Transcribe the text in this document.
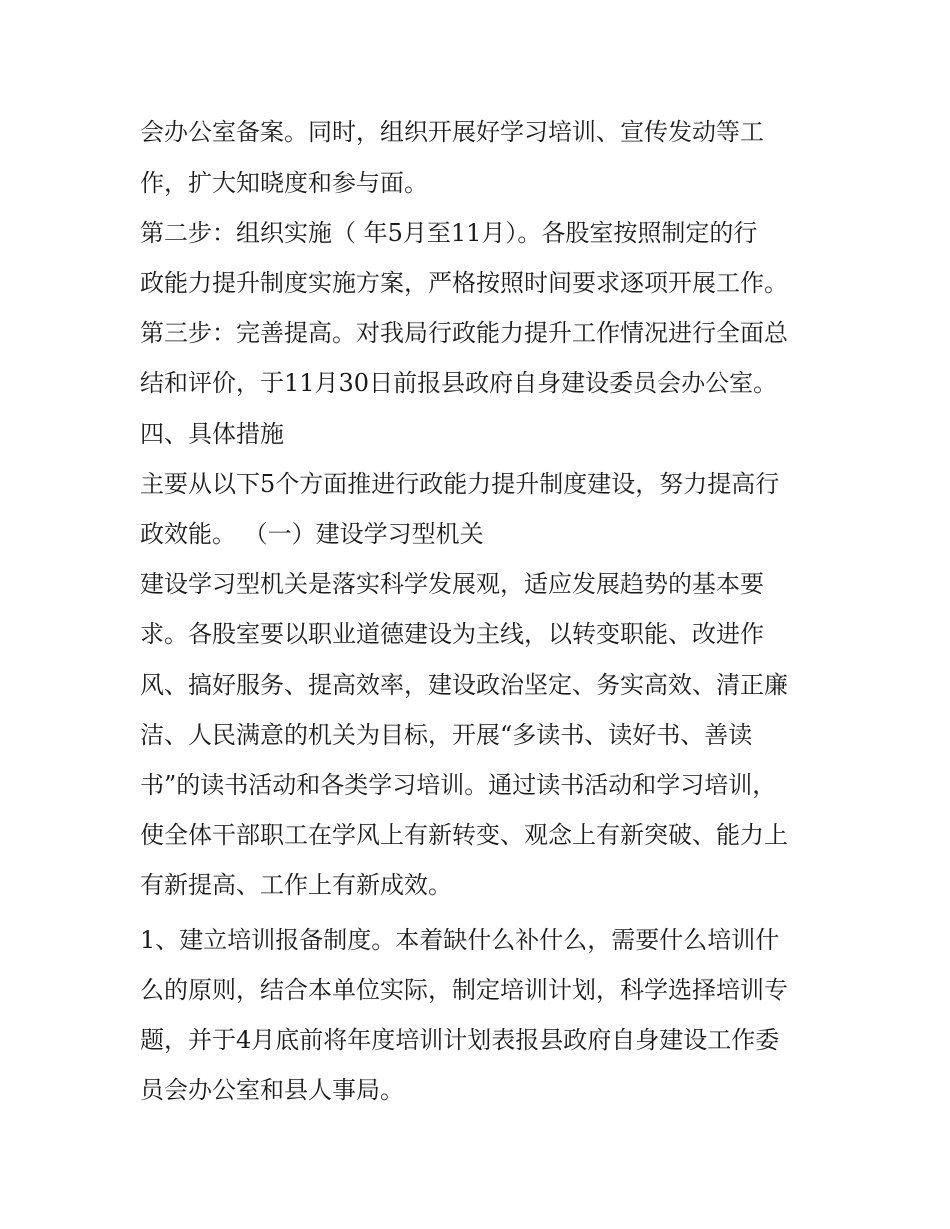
会办公室备案。同时，组织开展好学习培训、宣传发动等工
作，扩大知晓度和参与面。
第二步：组织实施（ 年5月至11月）。各股室按照制定的行
政能力提升制度实施方案，严格按照时间要求逐项开展工作。
第三步：完善提高。对我局行政能力提升工作情况进行全面总
结和评价，于11月30日前报县政府自身建设委员会办公室。
四、具体措施
主要从以下5个方面推进行政能力提升制度建设，努力提高行
政效能。 （一）建设学习型机关
建设学习型机关是落实科学发展观，适应发展趋势的基本要
求。各股室要以职业道德建设为主线，以转变职能、改进作
风、搞好服务、提高效率，建设政治坚定、务实高效、清正廉
洁、人民满意的机关为目标，开展“多读书、读好书、善读
书”的读书活动和各类学习培训。通过读书活动和学习培训，
使全体干部职工在学风上有新转变、观念上有新突破、能力上
有新提高、工作上有新成效。
1、建立培训报备制度。本着缺什么补什么，需要什么培训什
么的原则，结合本单位实际，制定培训计划，科学选择培训专
题，并于4月底前将年度培训计划表报县政府自身建设工作委
员会办公室和县人事局。
